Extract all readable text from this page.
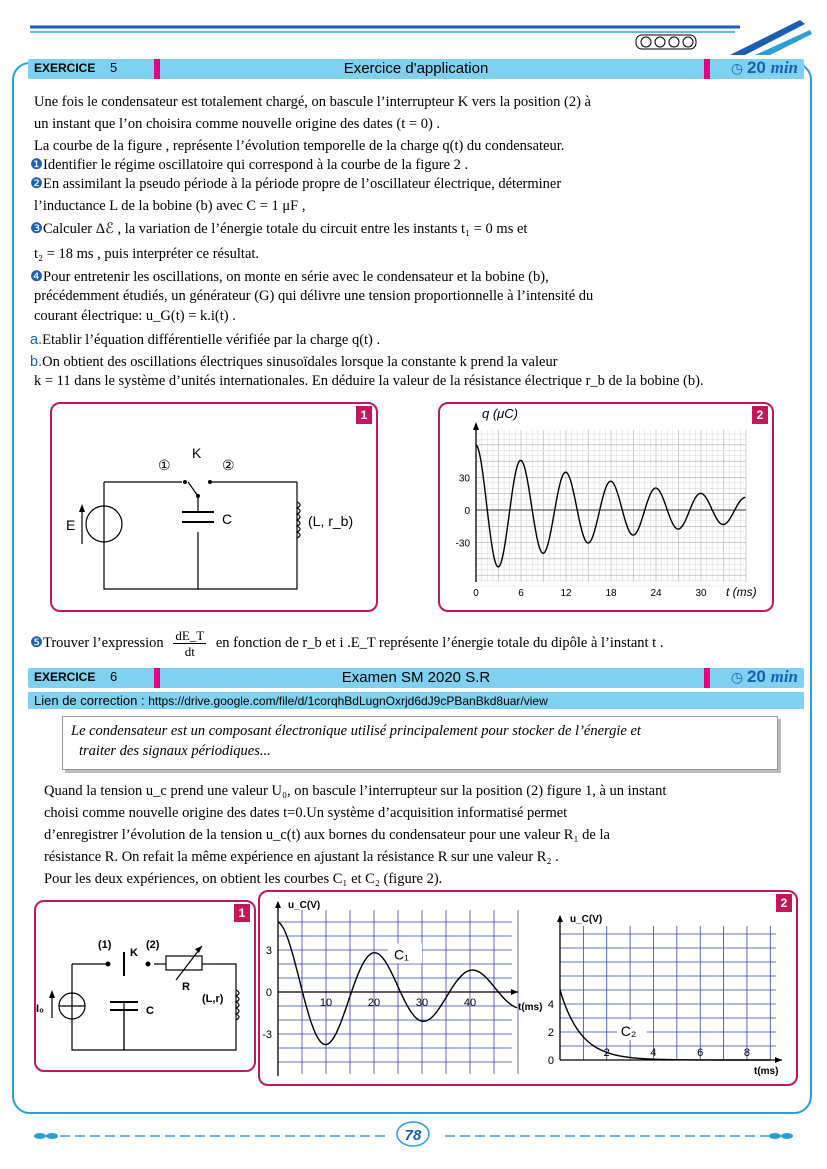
EXERCICE 5	Exercice d'application	◷ 20 min
Une fois le condensateur est totalement chargé, on bascule l’interrupteur K vers la position (2) à
un instant que l’on choisira comme nouvelle origine des dates (t = 0) .
La courbe de la figure , représente l’évolution temporelle de la charge q(t) du condensateur.
❶Identifier le régime oscillatoire qui correspond à la courbe de la figure 2 .
❷En assimilant la pseudo période à la période propre de l’oscillateur électrique, déterminer
l’inductance L de la bobine (b) avec C = 1 μF ,
❸Calculer Δℰ , la variation de l’énergie totale du circuit entre les instants t₁ = 0 ms et
t₂ = 18 ms , puis interpréter ce résultat.
❹Pour entretenir les oscillations, on monte en série avec le condensateur et la bobine (b),
précédemment étudiés, un générateur (G) qui délivre une tension proportionnelle à l’intensité du
courant électrique: u_G(t) = k.i(t) .
a.Etablir l’équation différentielle vérifiée par la charge q(t) .
b.On obtient des oscillations électriques sinusoïdales lorsque la constante k prend la valeur
k = 11 dans le système d’unités internationales. En déduire la valeur de la résistance électrique r_b de la bobine (b).
1
K
①	②
E	C	(L, r_b)
2
q (μC)
t (ms)
0	6	12	18	24	30
30
0
-30
❺Trouver l’expression $\frac{dE\_T}{dt}$ en fonction de r_b et i .E_T représente l’énergie totale du dipôle à l’instant t .
EXERCICE 6	Examen SM 2020 S.R	◷ 20 min
Lien de correction : https://drive.google.com/file/d/1corqhBdLugnOxrjd6dJ9cPBanBkd8uar/view
Le condensateur est un composant électronique utilisé principalement pour stocker de l’énergie et
traiter des signaux périodiques...
Quand la tension u_c prend une valeur U₀, on bascule l’interrupteur sur la position (2) figure 1, à un instant
choisi comme nouvelle origine des dates t=0.Un système d’acquisition informatisé permet
d’enregistrer l’évolution de la tension u_c(t) aux bornes du condensateur pour une valeur R₁ de la
résistance R. On refait la même expérience en ajustant la résistance R sur une valeur R₂ .
Pour les deux expériences, on obtient les courbes C₁ et C₂ (figure 2).
1
(1)	(2)
K
R
C
(L,r)
I₀
2
u_C(V)
t(ms)
u_C(V)
t(ms)
10	20	30	40
3
0
-3
C₁
2	4	6	8
0
2
4
C₂
78
